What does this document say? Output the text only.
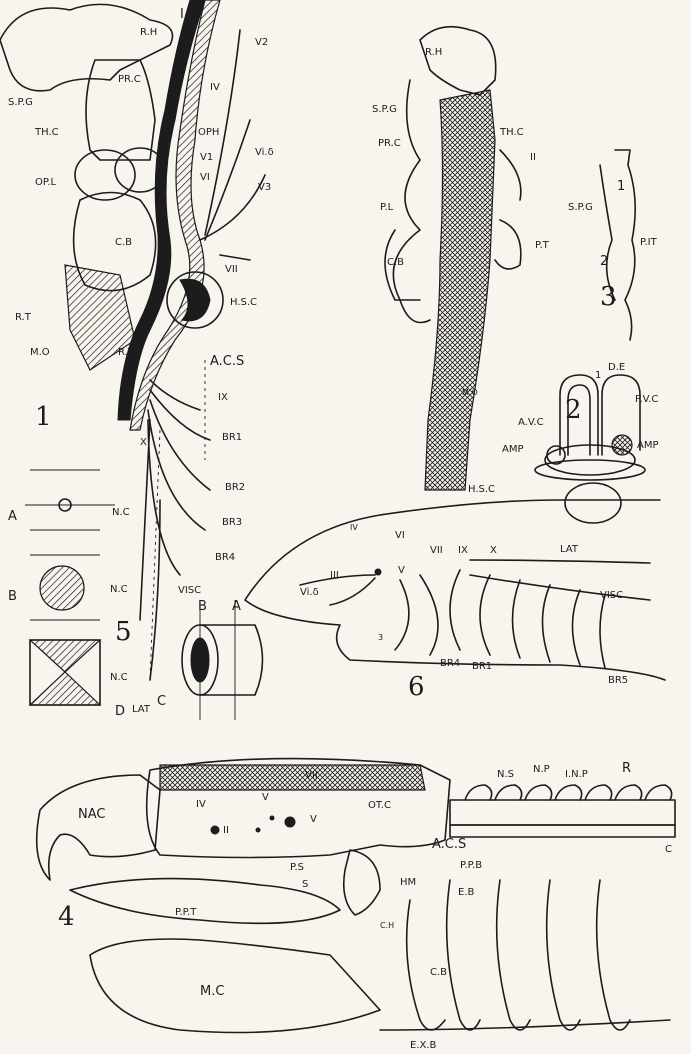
1
R.H
I
V2
S.P.G
PR.C
IV
TH.C	OPH
V1
VI
Vi.δ
V3
OP.L
C.B
VII
R.T
H.S.C
M.O	R.T
A.C.S
IX
X	BR1
BR2
BR3
BR4
VISC
B A
C
D LAT
A	N.C
B	N.C
N.C
5
R.H
S.P.G
PR.C
TH.C
II
P.L
C.B
P.T
M.O
1
S.P.G
P.IT
2
3
1
D.E
A.V.C
P.V.C
AMP	AMP
H.S.C
2
IV
VI
III	V
VII IX X	LAT
Vi.δ	VISC
3
BR4 BR1
BR5
6
4
NAC
VII
IV
V
II
V
OT.C
N.S N.P I.N.P	R
A.C.S	C
P.S	P.P.B
HM
E.B
P.P.T
C.H
M.C
C.B
E.X.B
S
